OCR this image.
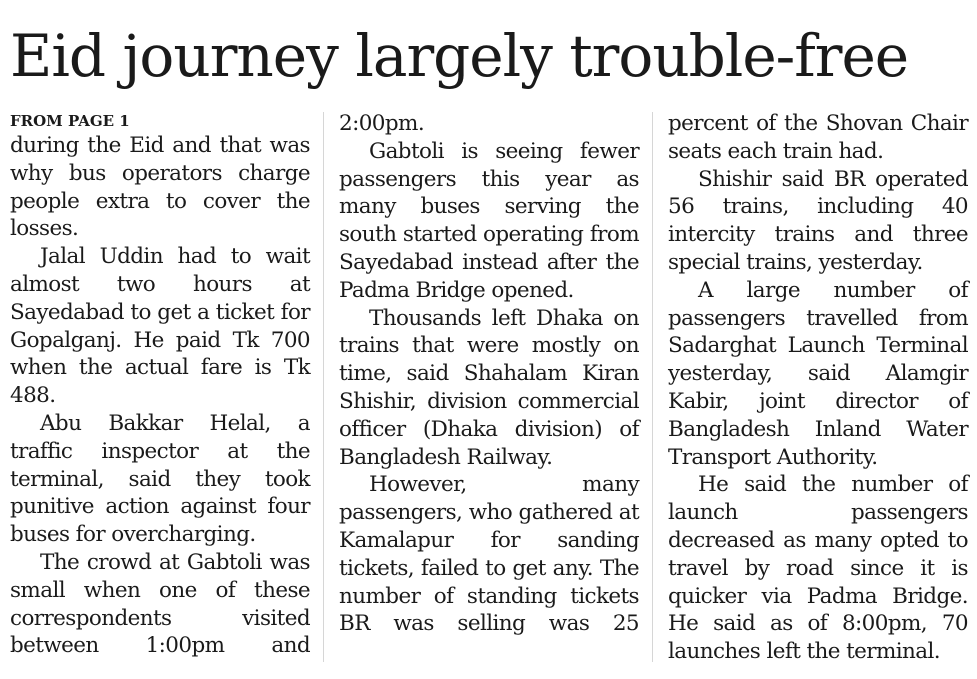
Eid journey largely trouble-free
FROM PAGE 1

during the Eid and that was why bus operators charge people extra to cover the losses.

Jalal Uddin had to wait almost two hours at Sayedabad to get a ticket for Gopalganj. He paid Tk 700 when the actual fare is Tk 488.

Abu Bakkar Helal, a traffic inspector at the terminal, said they took punitive action against four buses for overcharging.

The crowd at Gabtoli was small when one of these correspondents visited between 1:00pm and

2:00pm.

Gabtoli is seeing fewer passengers this year as many buses serving the south started operating from Sayedabad instead after the Padma Bridge opened.

Thousands left Dhaka on trains that were mostly on time, said Shahalam Kiran Shishir, division commercial officer (Dhaka division) of Bangladesh Railway.

However, many passengers, who gathered at Kamalapur for sanding tickets, failed to get any. The number of standing tickets BR was selling was 25

percent of the Shovan Chair seats each train had.

Shishir said BR operated 56 trains, including 40 intercity trains and three special trains, yesterday.

A large number of passengers travelled from Sadarghat Launch Terminal yesterday, said Alamgir Kabir, joint director of Bangladesh Inland Water Transport Authority.

He said the number of launch passengers decreased as many opted to travel by road since it is quicker via Padma Bridge. He said as of 8:00pm, 70 launches left the terminal.
